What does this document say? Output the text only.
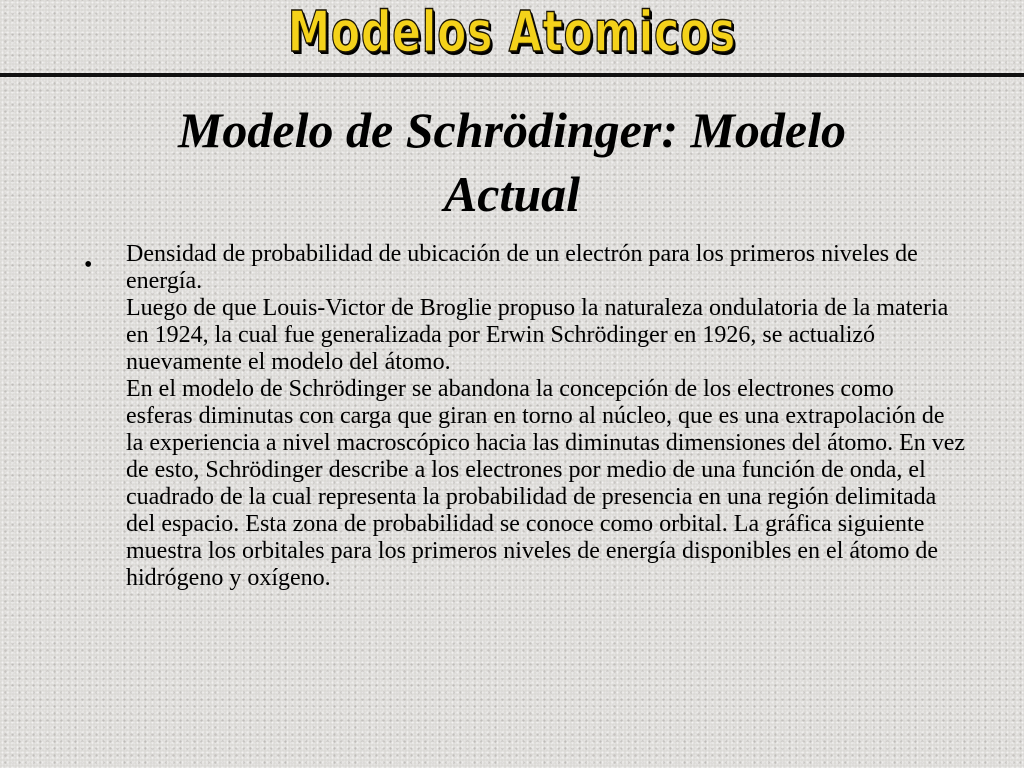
Modelos Atomicos
Modelo de Schrödinger: Modelo
Actual
•	Densidad de probabilidad de ubicación de un electrón para los primeros niveles de energía.

Luego de que Louis-Victor de Broglie propuso la naturaleza ondulatoria de la materia en 1924, la cual fue generalizada por Erwin Schrödinger en 1926, se actualizó nuevamente el modelo del átomo.

En el modelo de Schrödinger se abandona la concepción de los electrones como esferas diminutas con carga que giran en torno al núcleo, que es una extrapolación de la experiencia a nivel macroscópico hacia las diminutas dimensiones del átomo. En vez de esto, Schrödinger describe a los electrones por medio de una función de onda, el cuadrado de la cual representa la probabilidad de presencia en una región delimitada del espacio. Esta zona de probabilidad se conoce como orbital. La gráfica siguiente muestra los orbitales para los primeros niveles de energía disponibles en el átomo de hidrógeno y oxígeno.
